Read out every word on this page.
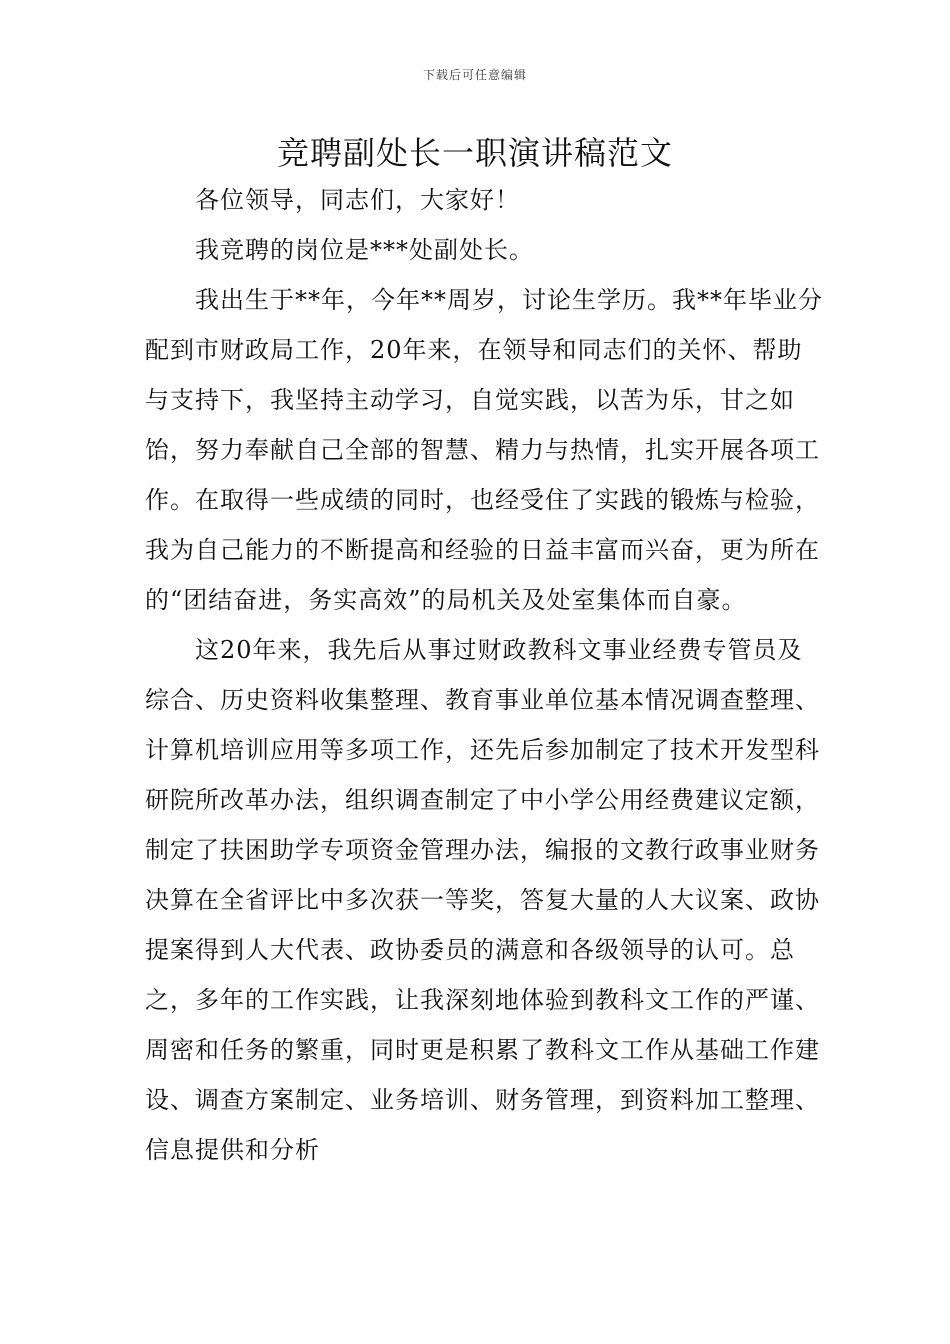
下载后可任意编辑
竞聘副处长一职演讲稿范文

各位领导，同志们，大家好！

我竞聘的岗位是***处副处长。

我出生于**年，今年**周岁，讨论生学历。我**年毕业分配到市财政局工作，20年来，在领导和同志们的关怀、帮助与支持下，我坚持主动学习，自觉实践，以苦为乐，甘之如饴，努力奉献自己全部的智慧、精力与热情，扎实开展各项工作。在取得一些成绩的同时，也经受住了实践的锻炼与检验，我为自己能力的不断提高和经验的日益丰富而兴奋，更为所在的“团结奋进，务实高效”的局机关及处室集体而自豪。

这20年来，我先后从事过财政教科文事业经费专管员及综合、历史资料收集整理、教育事业单位基本情况调查整理、计算机培训应用等多项工作，还先后参加制定了技术开发型科研院所改革办法，组织调查制定了中小学公用经费建议定额，制定了扶困助学专项资金管理办法，编报的文教行政事业财务决算在全省评比中多次获一等奖，答复大量的人大议案、政协提案得到人大代表、政协委员的满意和各级领导的认可。总之，多年的工作实践，让我深刻地体验到教科文工作的严谨、周密和任务的繁重，同时更是积累了教科文工作从基础工作建设、调查方案制定、业务培训、财务管理，到资料加工整理、信息提供和分析
